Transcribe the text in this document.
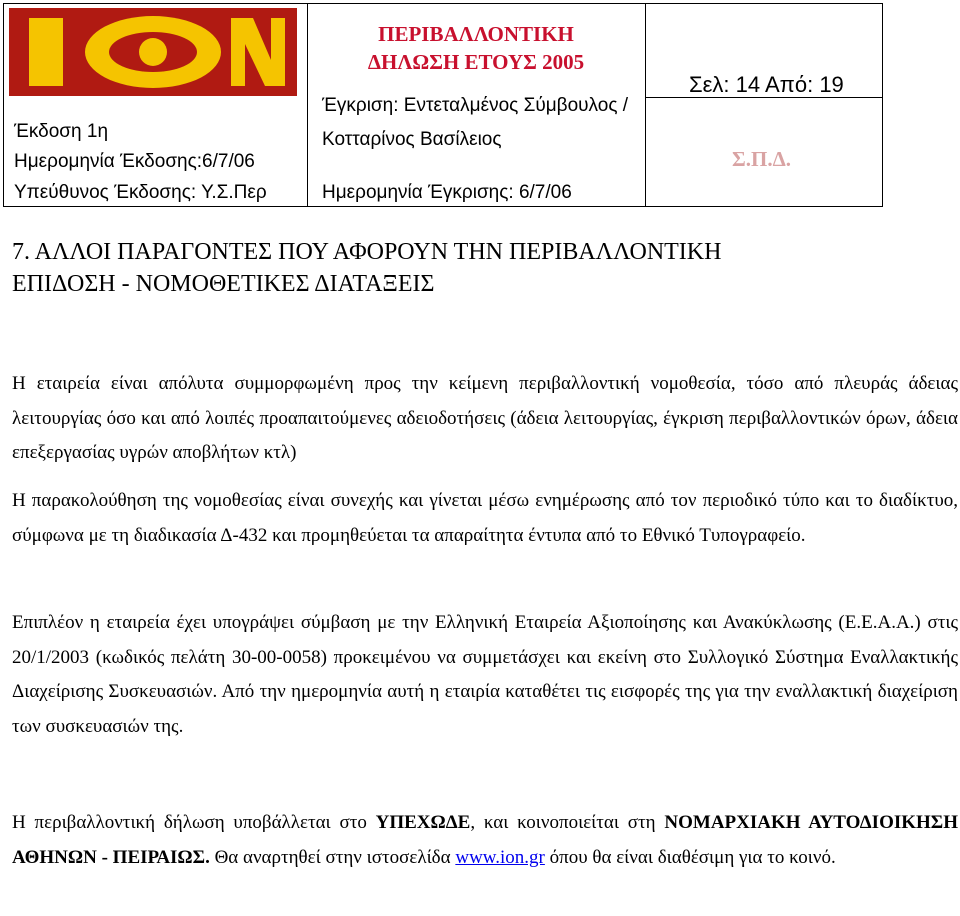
ΠΕΡΙΒΑΛΛΟΝΤΙΚΗ
ΔΗΛΩΣΗ ΕΤΟΥΣ 2005
Σελ: 14 Από: 19
Έκδοση 1η
Ημερομηνία Έκδοσης:6/7/06
Υπεύθυνος Έκδοσης: Υ.Σ.Περ
Έγκριση: Εντεταλμένος Σύμβουλος /
Κοτταρίνος Βασίλειος
Ημερομηνία Έγκρισης: 6/7/06
Σ.Π.Δ.
7. ΑΛΛΟΙ ΠΑΡΑΓΟΝΤΕΣ ΠΟΥ ΑΦΟΡΟΥΝ ΤΗΝ ΠΕΡΙΒΑΛΛΟΝΤΙΚΗ
ΕΠΙΔΟΣΗ - ΝΟΜΟΘΕΤΙΚΕΣ ΔΙΑΤΑΞΕΙΣ
Η εταιρεία είναι απόλυτα συμμορφωμένη προς την κείμενη περιβαλλοντική νομοθεσία, τόσο από πλευράς άδειας λειτουργίας όσο και από λοιπές προαπαιτούμενες αδειοδοτήσεις (άδεια λειτουργίας, έγκριση περιβαλλοντικών όρων, άδεια επεξεργασίας υγρών αποβλήτων κτλ)
Η παρακολούθηση της νομοθεσίας είναι συνεχής και γίνεται μέσω ενημέρωσης από τον περιοδικό τύπο και το διαδίκτυο, σύμφωνα με τη διαδικασία Δ-432 και προμηθεύεται τα απαραίτητα έντυπα από το Εθνικό Τυπογραφείο.
Επιπλέον η εταιρεία έχει υπογράψει σύμβαση με την Ελληνική Εταιρεία Αξιοποίησης και Ανακύκλωσης (Ε.Ε.Α.Α.) στις 20/1/2003 (κωδικός πελάτη 30-00-0058) προκειμένου να συμμετάσχει και εκείνη στο Συλλογικό Σύστημα Εναλλακτικής Διαχείρισης Συσκευασιών. Από την ημερομηνία αυτή η εταιρία καταθέτει τις εισφορές της για την εναλλακτική διαχείριση των συσκευασιών της.
Η περιβαλλοντική δήλωση υποβάλλεται στο ΥΠΕΧΩΔΕ, και κοινοποιείται στη ΝΟΜΑΡΧΙΑΚΗ ΑΥΤΟΔΙΟΙΚΗΣΗ ΑΘΗΝΩΝ - ΠΕΙΡΑΙΩΣ. Θα αναρτηθεί στην ιστοσελίδα www.ion.gr όπου θα είναι διαθέσιμη για το κοινό.
